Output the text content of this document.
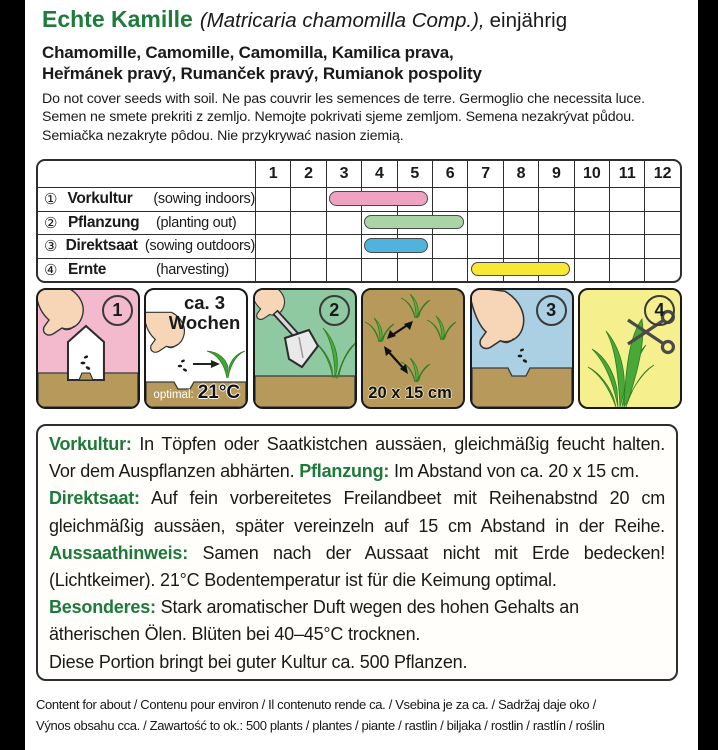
Echte Kamille (Matricaria chamomilla Comp.), einjährig
Chamomille, Camomille, Camomilla, Kamilica prava,
Heřmánek pravý, Rumanček pravý, Rumianok pospolity
Do not cover seeds with soil. Ne pas couvrir les semences de terre. Germoglio che necessita luce.
Semen ne smete prekriti z zemljo. Nemojte pokrivati sjeme zemljom. Semena nezakrývat půdou.
Semiačka nezakryte pôdou. Nie przykrywać nasion ziemią.
1	2	3	4	5	6	7	8	9	10	11	12
① Vorkultur	(sowing indoors)
② Pflanzung	(planting out)
③ Direktsaat (sowing outdoors)
④ Ernte	(harvesting)
1	ca. 3
Wochen
optimal: 21°C
2
20 x 15 cm
3	4
Vorkultur: In Töpfen oder Saatkistchen aussäen, gleichmäßig feucht halten. Vor dem Auspflanzen abhärten. Pflanzung: Im Abstand von ca. 20 x 15 cm.
Direktsaat: Auf fein vorbereitetes Freilandbeet mit Reihenabstnd 20 cm gleichmäßig aussäen, später vereinzeln auf 15 cm Abstand in der Reihe.
Aussaathinweis: Samen nach der Aussaat nicht mit Erde bedecken! (Lichtkeimer). 21°C Bodentemperatur ist für die Keimung optimal.
Besonderes: Stark aromatischer Duft wegen des hohen Gehalts an ätherischen Ölen. Blüten bei 40–45°C trocknen.
Diese Portion bringt bei guter Kultur ca. 500 Pflanzen.
Content for about / Contenu pour environ / Il contenuto rende ca. / Vsebina je za ca. / Sadržaj daje oko /
Výnos obsahu cca. / Zawartość to ok.: 500 plants / plantes / piante / rastlin / biljaka / rostlin / rastlín / roślin
